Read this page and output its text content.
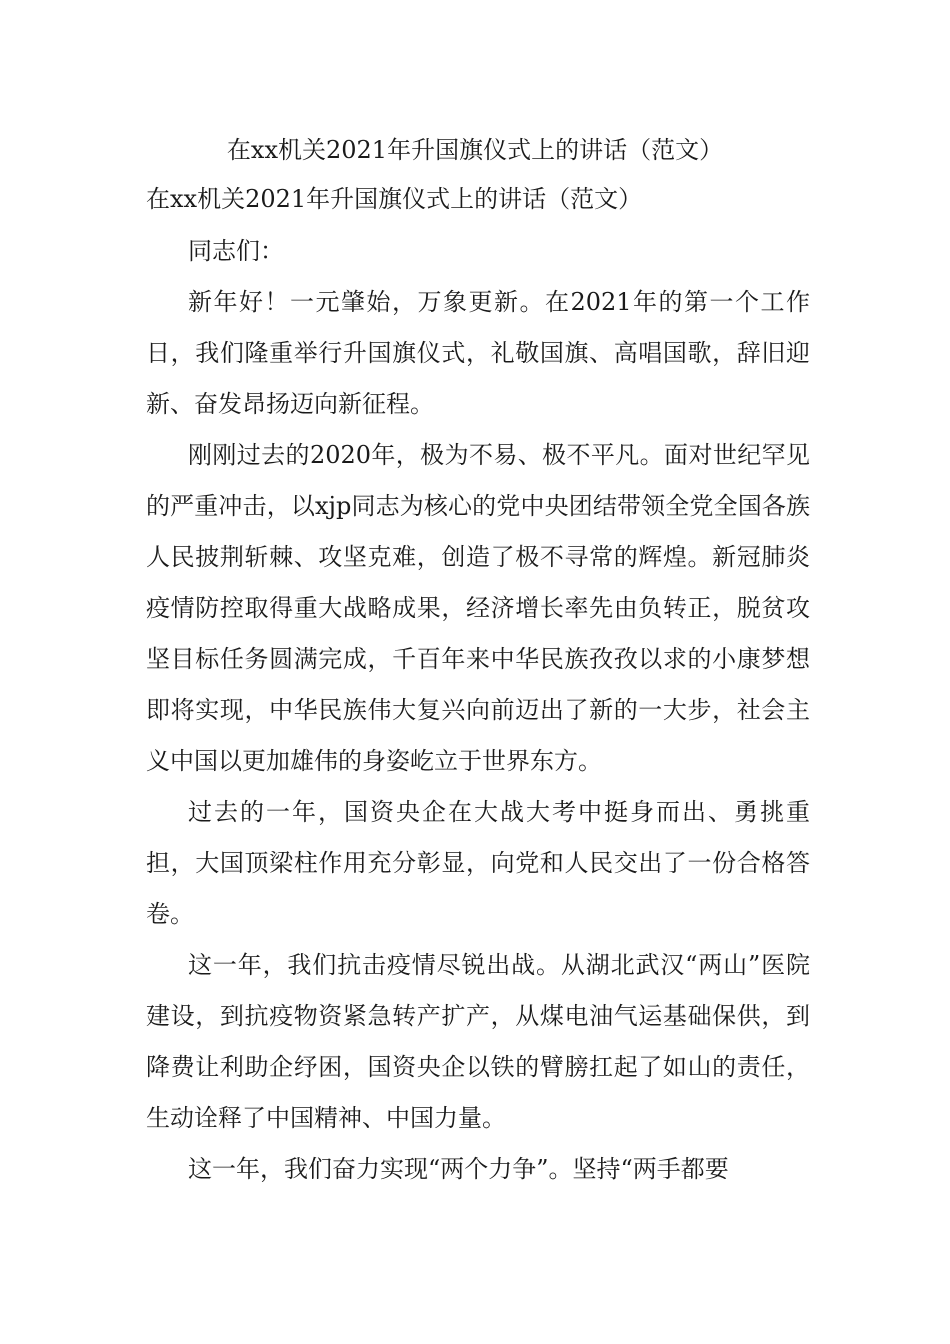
在xx机关2021年升国旗仪式上的讲话（范文）

在xx机关2021年升国旗仪式上的讲话（范文）

同志们：

新年好！一元肇始，万象更新。在2021年的第一个工作日，我们隆重举行升国旗仪式，礼敬国旗、高唱国歌，辞旧迎新、奋发昂扬迈向新征程。

刚刚过去的2020年，极为不易、极不平凡。面对世纪罕见的严重冲击，以xjp同志为核心的党中央团结带领全党全国各族人民披荆斩棘、攻坚克难，创造了极不寻常的辉煌。新冠肺炎疫情防控取得重大战略成果，经济增长率先由负转正，脱贫攻坚目标任务圆满完成，千百年来中华民族孜孜以求的小康梦想即将实现，中华民族伟大复兴向前迈出了新的一大步，社会主义中国以更加雄伟的身姿屹立于世界东方。

过去的一年，国资央企在大战大考中挺身而出、勇挑重担，大国顶梁柱作用充分彰显，向党和人民交出了一份合格答卷。

这一年，我们抗击疫情尽锐出战。从湖北武汉“两山”医院建设，到抗疫物资紧急转产扩产，从煤电油气运基础保供，到降费让利助企纾困，国资央企以铁的臂膀扛起了如山的责任，生动诠释了中国精神、中国力量。

这一年，我们奋力实现“两个力争”。坚持“两手都要
